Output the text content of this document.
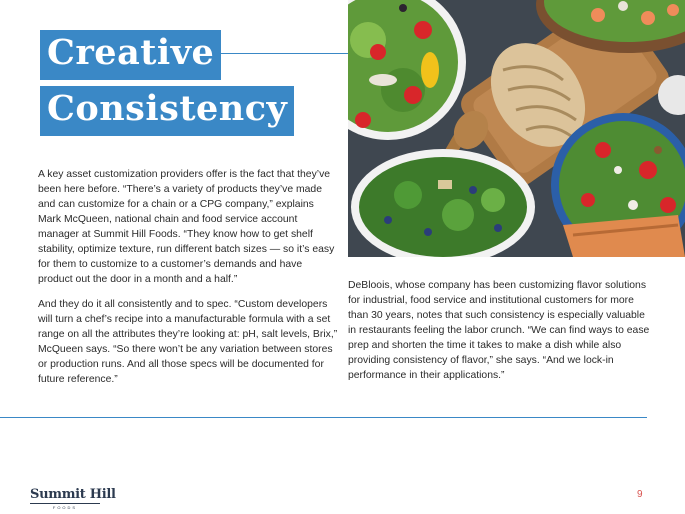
Creative
Consistency

A key asset customization providers offer is the fact that they’ve been here before. “There’s a variety of products they’ve made and can customize for a chain or a CPG company,” explains Mark McQueen, national chain and food service account manager at Summit Hill Foods. “They know how to get shelf stability, optimize texture, run different batch sizes — so it’s easy for them to customize to a customer’s demands and have product out the door in a month and a half.”

And they do it all consistently and to spec. “Custom developers will turn a chef’s recipe into a manufacturable formula with a set range on all the attributes they’re looking at: pH, salt levels, Brix,” McQueen says. “So there won’t be any variation between stores or production runs. And all those specs will be documented for future reference.”

DeBloois, whose company has been customizing flavor solutions for industrial, food service and institutional customers for more than 30 years, notes that such consistency is especially valuable in restaurants feeling the labor crunch. “We can find ways to ease prep and shorten the time it takes to make a dish while also providing consistency of flavor,” she says. “And we lock-in performance in their applications.”

Summit Hill
FOODS
9
